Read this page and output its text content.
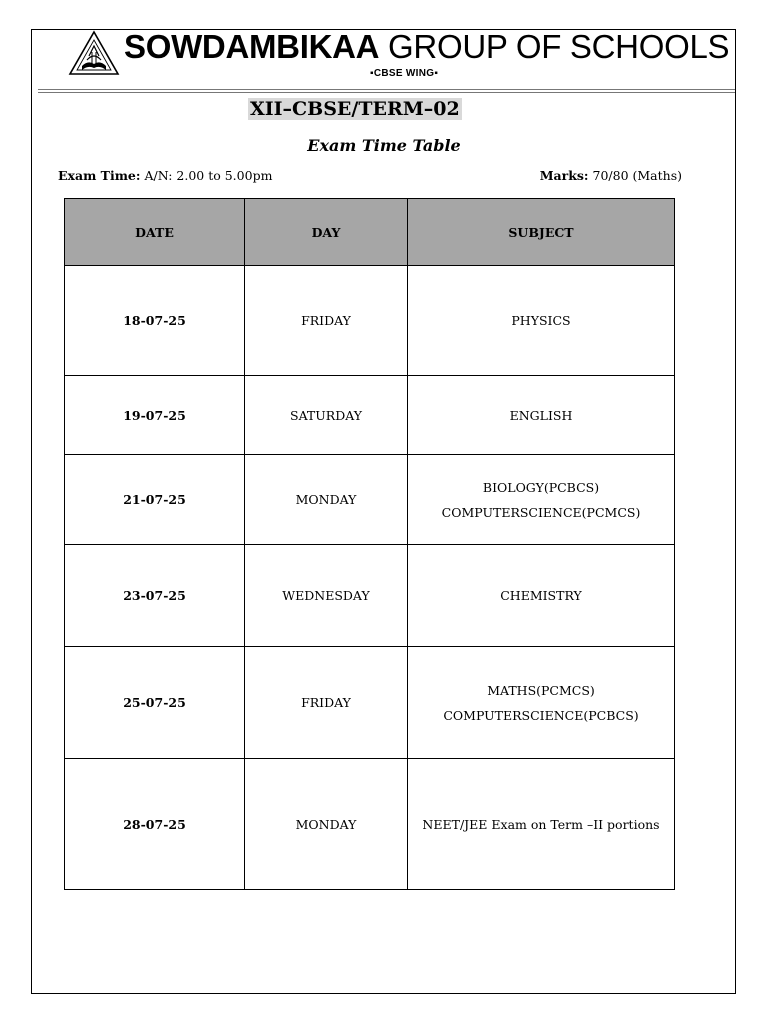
SOWDAMBIKAA GROUP OF SCHOOLS
▪CBSE WING▪
XII–CBSE/TERM–02
Exam Time Table
Exam Time: A/N: 2.00 to 5.00pm	Marks: 70/80 (Maths)
DATE	DAY	SUBJECT
18-07-25	FRIDAY	PHYSICS

19-07-25	SATURDAY	ENGLISH

21-07-25	MONDAY	BIOLOGY(PCBCS)
COMPUTERSCIENCE(PCMCS)

23-07-25	WEDNESDAY	CHEMISTRY

25-07-25	FRIDAY	MATHS(PCMCS)
COMPUTERSCIENCE(PCBCS)

28-07-25	MONDAY	NEET/JEE Exam on Term –II portions
